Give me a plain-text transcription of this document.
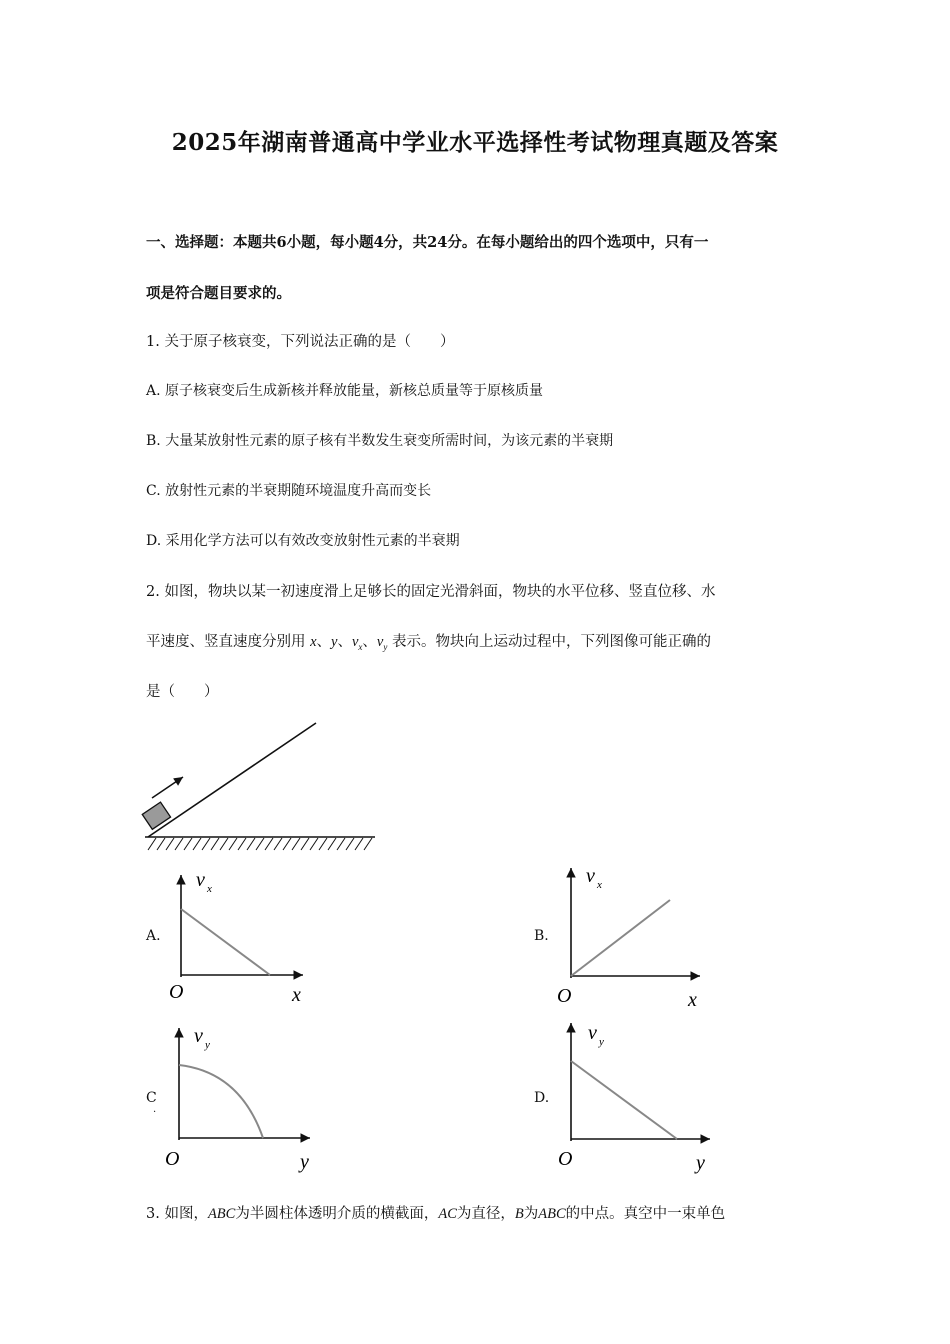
2025年湖南普通高中学业水平选择性考试物理真题及答案
一、选择题：本题共6小题，每小题4分，共24分。在每小题给出的四个选项中，只有一
项是符合题目要求的。
1. 关于原子核衰变，下列说法正确的是（　　）
A. 原子核衰变后生成新核并释放能量，新核总质量等于原核质量
B. 大量某放射性元素的原子核有半数发生衰变所需时间，为该元素的半衰期
C. 放射性元素的半衰期随环境温度升高而变长
D. 采用化学方法可以有效改变放射性元素的半衰期
2. 如图，物块以某一初速度滑上足够长的固定光滑斜面，物块的水平位移、竖直位移、水
平速度、竖直速度分别用 x、y、$v_x$、$v_y$ 表示。物块向上运动过程中，下列图像可能正确的
是（　　）
A.
v x
O	x
B.
v x
O	x
C
.
v y
O	y
D.
v y
O	y
3. 如图，ABC为半圆柱体透明介质的横截面，AC为直径，B为ABC的中点。真空中一束单色
